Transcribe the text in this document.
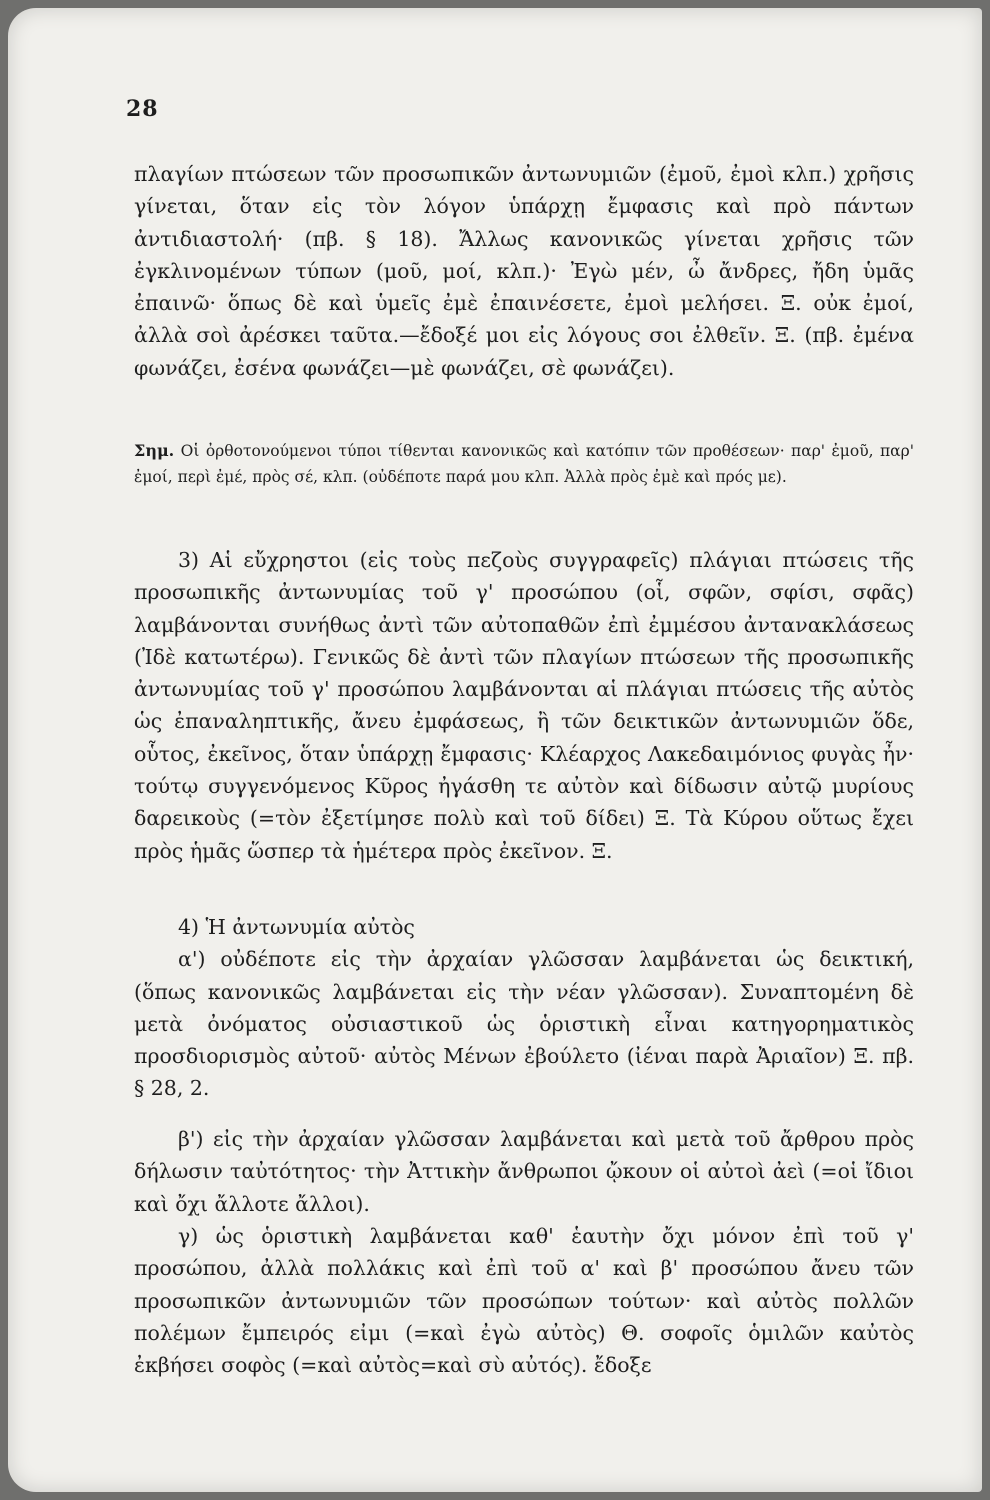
28

πλαγίων πτώσεων τῶν προσωπικῶν ἀντωνυμιῶν (ἐμοῦ, ἐμοὶ κλπ.) χρῆσις γίνεται, ὅταν εἰς τὸν λόγον ὑπάρχῃ ἔμφασις καὶ πρὸ πάντων ἀντιδιαστολή· (πβ. § 18). Ἄλλως κανονικῶς γίνεται χρῆσις τῶν ἐγκλινομένων τύπων (μοῦ, μοί, κλπ.)· Ἐγὼ μέν, ὦ ἄνδρες, ἤδη ὑμᾶς ἐπαινῶ· ὅπως δὲ καὶ ὑμεῖς ἐμὲ ἐπαινέσετε, ἐμοὶ μελήσει. Ξ. οὐκ ἐμοί, ἀλλὰ σοὶ ἀρέσκει ταῦτα.—ἔδοξέ μοι εἰς λόγους σοι ἐλθεῖν. Ξ. (πβ. ἐμένα φωνάζει, ἐσένα φωνάζει—μὲ φωνάζει, σὲ φωνάζει).

Σημ. Οἱ ὀρθοτονούμενοι τύποι τίθενται κανονικῶς καὶ κατόπιν τῶν προθέσεων· παρ' ἐμοῦ, παρ' ἐμοί, περὶ ἐμέ, πρὸς σέ, κλπ. (οὐδέποτε παρά μου κλπ. Ἀλλὰ πρὸς ἐμὲ καὶ πρός με).

3) Αἱ εὔχρηστοι (εἰς τοὺς πεζοὺς συγγραφεῖς) πλάγιαι πτώσεις τῆς προσωπικῆς ἀντωνυμίας τοῦ γ' προσώπου (οἷ, σφῶν, σφίσι, σφᾶς) λαμβάνονται συνήθως ἀντὶ τῶν αὐτοπαθῶν ἐπὶ ἐμμέσου ἀντανακλάσεως (Ἰδὲ κατωτέρω). Γενικῶς δὲ ἀντὶ τῶν πλαγίων πτώσεων τῆς προσωπικῆς ἀντωνυμίας τοῦ γ' προσώπου λαμβάνονται αἱ πλάγιαι πτώσεις τῆς αὐτὸς ὡς ἐπαναληπτικῆς, ἄνευ ἐμφάσεως, ἢ τῶν δεικτικῶν ἀντωνυμιῶν ὅδε, οὗτος, ἐκεῖνος, ὅταν ὑπάρχῃ ἔμφασις· Κλέαρχος Λακεδαιμόνιος φυγὰς ἦν· τούτῳ συγγενόμενος Κῦρος ἠγάσθη τε αὐτὸν καὶ δίδωσιν αὐτῷ μυρίους δαρεικοὺς (=τὸν ἐξετίμησε πολὺ καὶ τοῦ δίδει) Ξ. Τὰ Κύρου οὕτως ἔχει πρὸς ἡμᾶς ὥσπερ τὰ ἡμέτερα πρὸς ἐκεῖνον. Ξ.

4) Ἡ ἀντωνυμία αὐτὸς

α') οὐδέποτε εἰς τὴν ἀρχαίαν γλῶσσαν λαμβάνεται ὡς δεικτική, (ὅπως κανονικῶς λαμβάνεται εἰς τὴν νέαν γλῶσσαν). Συναπτομένη δὲ μετὰ ὀνόματος οὐσιαστικοῦ ὡς ὁριστικὴ εἶναι κατηγορηματικὸς προσδιορισμὸς αὐτοῦ· αὐτὸς Μένων ἐβούλετο (ἰέναι παρὰ Ἀριαῖον) Ξ. πβ. § 28, 2.

β') εἰς τὴν ἀρχαίαν γλῶσσαν λαμβάνεται καὶ μετὰ τοῦ ἄρθρου πρὸς δήλωσιν ταὐτότητος· τὴν Ἀττικὴν ἄνθρωποι ᾤκουν οἱ αὐτοὶ ἀεὶ (=οἱ ἴδιοι καὶ ὄχι ἄλλοτε ἄλλοι).

γ) ὡς ὁριστικὴ λαμβάνεται καθ' ἑαυτὴν ὄχι μόνον ἐπὶ τοῦ γ' προσώπου, ἀλλὰ πολλάκις καὶ ἐπὶ τοῦ α' καὶ β' προσώπου ἄνευ τῶν προσωπικῶν ἀντωνυμιῶν τῶν προσώπων τούτων· καὶ αὐτὸς πολλῶν πολέμων ἔμπειρός εἰμι (=καὶ ἐγὼ αὐτὸς) Θ. σοφοῖς ὁμιλῶν καὐτὸς ἐκβήσει σοφὸς (=καὶ αὐτὸς=καὶ σὺ αὐτός). ἔδοξε
